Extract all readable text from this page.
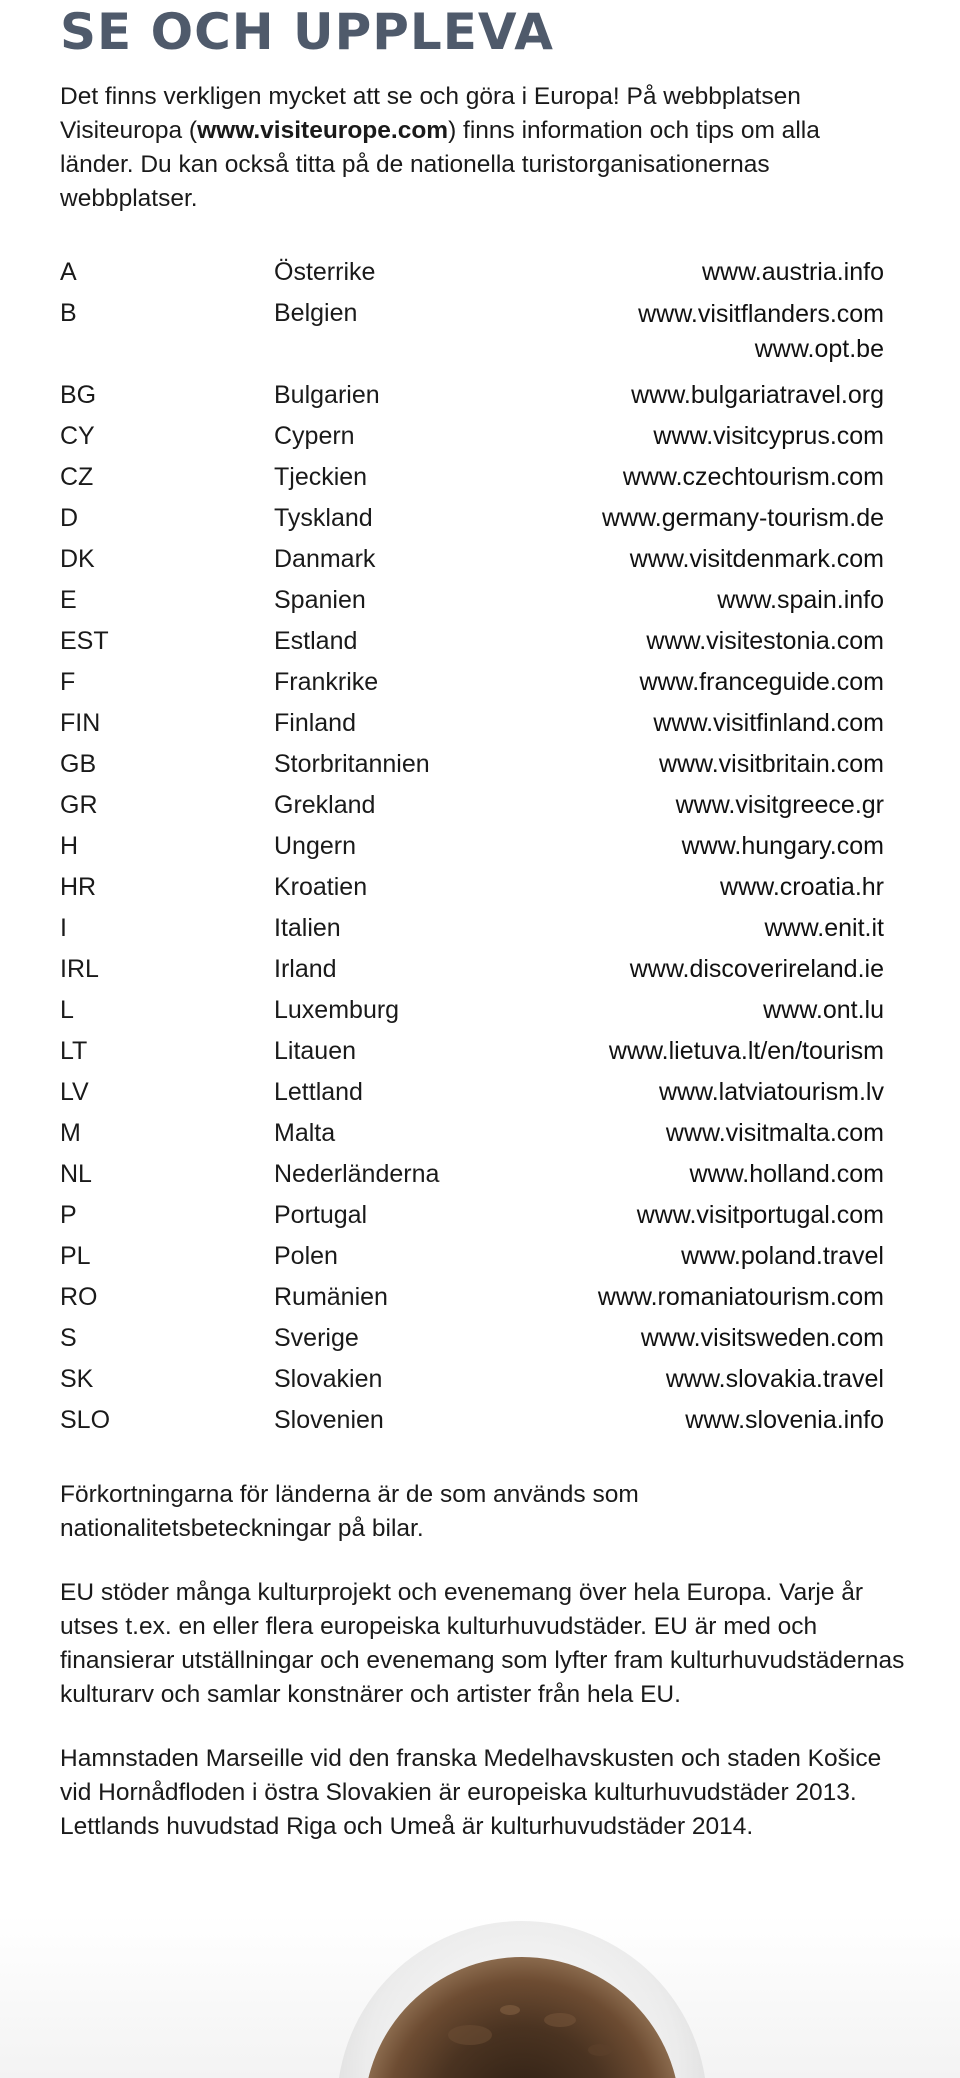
SE OCH UPPLEVA

Det finns verkligen mycket att se och göra i Europa! På webbplatsen Visiteuropa (www.visiteurope.com) finns information och tips om alla länder. Du kan också titta på de nationella turistorganisationernas webbplatser.

A	Österrike	www.austria.info
B	Belgien	www.visitflanders.com
www.opt.be
BG	Bulgarien	www.bulgariatravel.org
CY	Cypern	www.visitcyprus.com
CZ	Tjeckien	www.czechtourism.com
D	Tyskland	www.germany-tourism.de
DK	Danmark	www.visitdenmark.com
E	Spanien	www.spain.info
EST	Estland	www.visitestonia.com
F	Frankrike	www.franceguide.com
FIN	Finland	www.visitfinland.com
GB	Storbritannien	www.visitbritain.com
GR	Grekland	www.visitgreece.gr
H	Ungern	www.hungary.com
HR	Kroatien	www.croatia.hr
I	Italien	www.enit.it
IRL	Irland	www.discoverireland.ie
L	Luxemburg	www.ont.lu
LT	Litauen	www.lietuva.lt/en/tourism
LV	Lettland	www.latviatourism.lv
M	Malta	www.visitmalta.com
NL	Nederländerna	www.holland.com
P	Portugal	www.visitportugal.com
PL	Polen	www.poland.travel
RO	Rumänien	www.romaniatourism.com
S	Sverige	www.visitsweden.com
SK	Slovakien	www.slovakia.travel
SLO	Slovenien	www.slovenia.info

Förkortningarna för länderna är de som används som nationalitetsbeteckningar på bilar.

EU stöder många kulturprojekt och evenemang över hela Europa. Varje år utses t.ex. en eller flera europeiska kulturhuvudstäder. EU är med och finansierar utställningar och evenemang som lyfter fram kulturhuvudstädernas kulturarv och samlar konstnärer och artister från hela EU.

Hamnstaden Marseille vid den franska Medelhavskusten och staden Košice vid Hornådfloden i östra Slovakien är europeiska kulturhuvudstäder 2013. Lettlands huvudstad Riga och Umeå är kulturhuvudstäder 2014.
